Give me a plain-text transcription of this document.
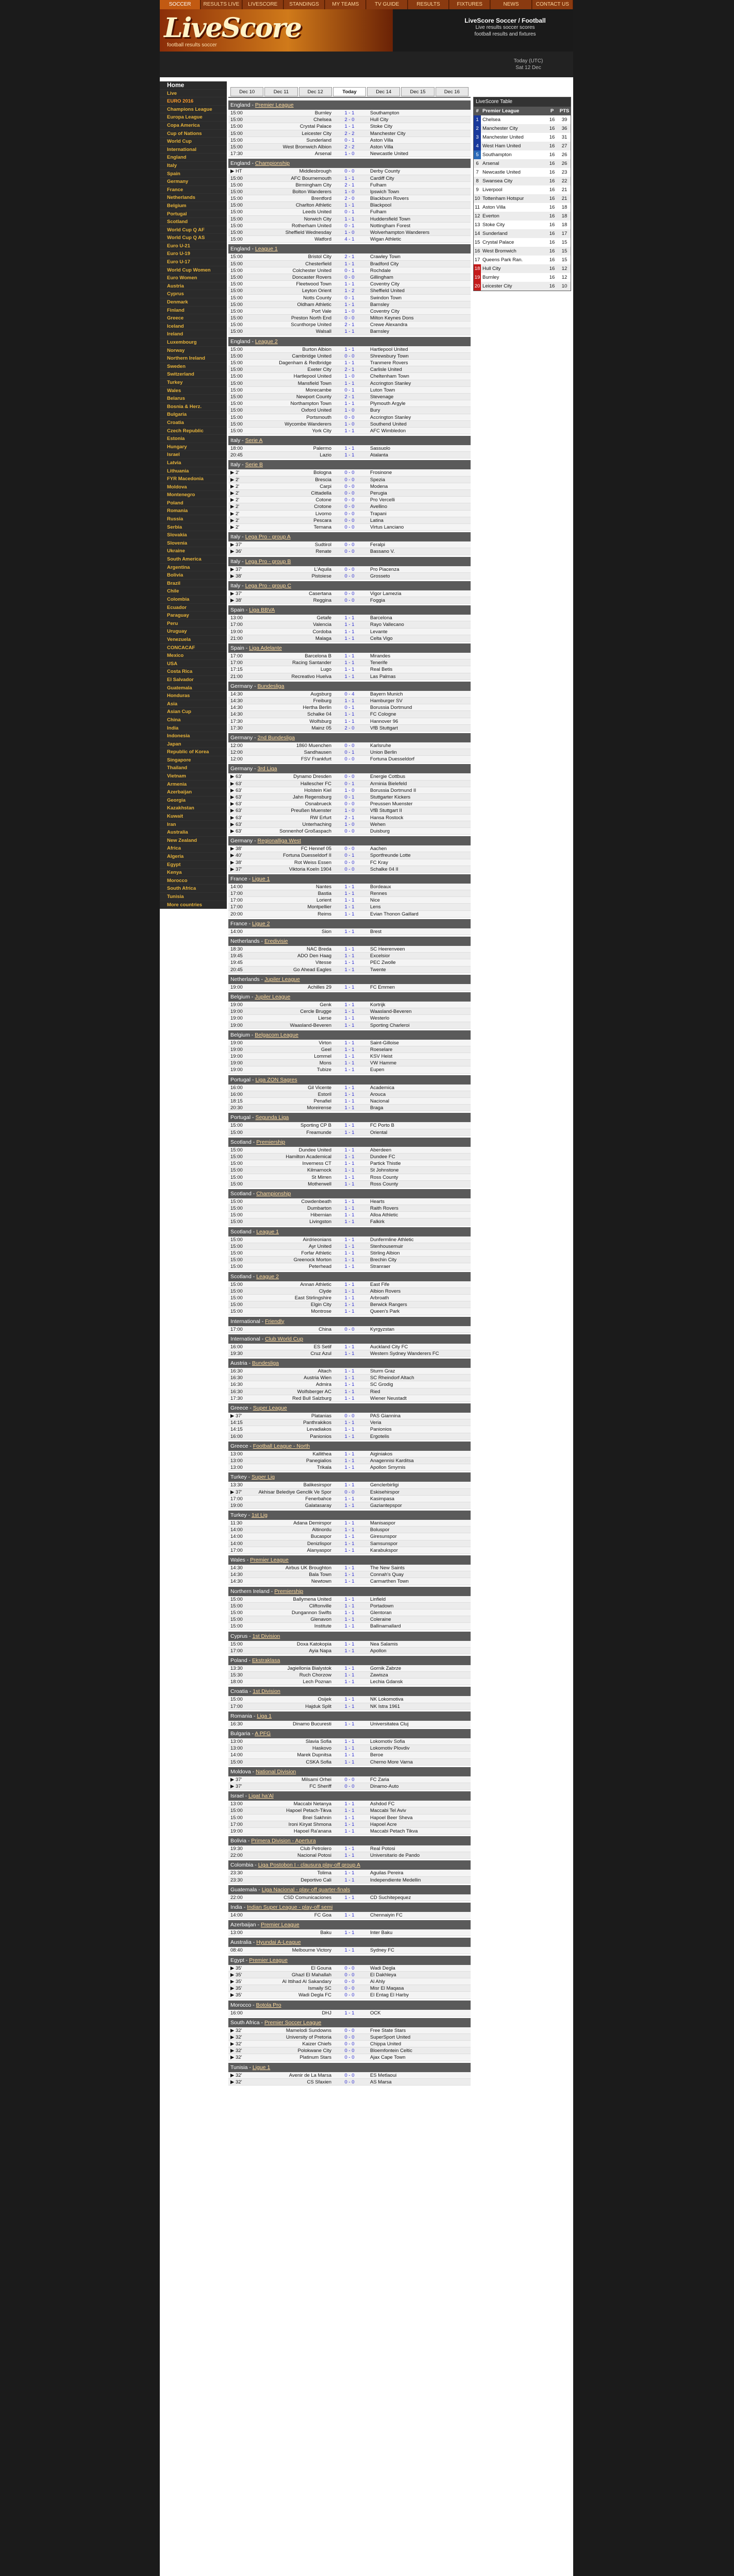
SOCCER	RESULTS LIVE	LIVESCORE	STANDINGS	MY TEAMS	TV GUIDE	RESULTS	FIXTURES	NEWS	CONTACT US
LiveScore
football results soccer
LiveScore Soccer / Football
Live results soccer scores
football results and fixtures
Today (UTC)
Sat 12 Dec
Home
Live
EURO 2016
Champions League
Europa League
Copa America
Cup of Nations
World Cup
International
England
Italy
Spain
Germany
France
Netherlands
Belgium
Portugal
Scotland
World Cup Q AF
World Cup Q AS
Euro U-21
Euro U-19
Euro U-17
World Cup Women
Euro Women
Austria
Cyprus
Denmark
Finland
Greece
Iceland
Ireland
Luxembourg
Norway
Northern Ireland
Sweden
Switzerland
Turkey
Wales
Belarus
Bosnia & Herz.
Bulgaria
Croatia
Czech Republic
Estonia
Hungary
Israel
Latvia
Lithuania
FYR Macedonia
Moldova
Montenegro
Poland
Romania
Russia
Serbia
Slovakia
Slovenia
Ukraine
South America
Argentina
Bolivia
Brazil
Chile
Colombia
Ecuador
Paraguay
Peru
Uruguay
Venezuela
CONCACAF
Mexico
USA
Costa Rica
El Salvador
Guatemala
Honduras
Asia
Asian Cup
China
India
Indonesia
Japan
Republic of Korea
Singapore
Thailand
Vietnam
Armenia
Azerbaijan
Georgia
Kazakhstan
Kuwait
Iran
Australia
New Zealand
Africa
Algeria
Egypt
Kenya
Morocco
South Africa
Tunisia
More countries
Dec 10	Dec 11	Dec 12	Today	Dec 14	Dec 15	Dec 16
England - Premier League
15:00	Burnley	1 - 1	Southampton
15:00	Chelsea	2 - 0	Hull City
15:00	Crystal Palace	1 - 1	Stoke City
15:00	Leicester City	2 - 2	Manchester City
15:00	Sunderland	0 - 1	Aston Villa
15:00	West Bromwich Albion	2 - 2	Aston Villa
17:30	Arsenal	1 - 0	Newcastle United
England - Championship
▶ HT	Middlesbrough	0 - 0	Derby County
15:00	AFC Bournemouth	1 - 1	Cardiff City
15:00	Birmingham City	2 - 1	Fulham
15:00	Bolton Wanderers	1 - 0	Ipswich Town
15:00	Brentford	2 - 0	Blackburn Rovers
15:00	Charlton Athletic	1 - 1	Blackpool
15:00	Leeds United	0 - 1	Fulham
15:00	Norwich City	1 - 1	Huddersfield Town
15:00	Rotherham United	0 - 1	Nottingham Forest
15:00	Sheffield Wednesday	1 - 0	Wolverhampton Wanderers
15:00	Watford	4 - 1	Wigan Athletic
England - League 1
15:00	Bristol City	2 - 1	Crawley Town
15:00	Chesterfield	1 - 1	Bradford City
15:00	Colchester United	0 - 1	Rochdale
15:00	Doncaster Rovers	0 - 0	Gillingham
15:00	Fleetwood Town	1 - 1	Coventry City
15:00	Leyton Orient	1 - 2	Sheffield United
15:00	Notts County	0 - 1	Swindon Town
15:00	Oldham Athletic	1 - 1	Barnsley
15:00	Port Vale	1 - 0	Coventry City
15:00	Preston North End	0 - 0	Milton Keynes Dons
15:00	Scunthorpe United	2 - 1	Crewe Alexandra
15:00	Walsall	1 - 1	Barnsley
England - League 2
15:00	Burton Albion	1 - 1	Hartlepool United
15:00	Cambridge United	0 - 0	Shrewsbury Town
15:00	Dagenham & Redbridge	1 - 1	Tranmere Rovers
15:00	Exeter City	2 - 1	Carlisle United
15:00	Hartlepool United	1 - 0	Cheltenham Town
15:00	Mansfield Town	1 - 1	Accrington Stanley
15:00	Morecambe	0 - 1	Luton Town
15:00	Newport County	2 - 1	Stevenage
15:00	Northampton Town	1 - 1	Plymouth Argyle
15:00	Oxford United	1 - 0	Bury
15:00	Portsmouth	0 - 0	Accrington Stanley
15:00	Wycombe Wanderers	1 - 0	Southend United
15:00	York City	1 - 1	AFC Wimbledon
Italy - Serie A
18:00	Palermo	1 - 1	Sassuolo
20:45	Lazio	1 - 1	Atalanta
Italy - Serie B
▶ 2'	Bologna	0 - 0	Frosinone
▶ 2'	Brescia	0 - 0	Spezia
▶ 2'	Carpi	0 - 0	Modena
▶ 2'	Cittadella	0 - 0	Perugia
▶ 2'	Cotone	0 - 0	Pro Vercelli
▶ 2'	Crotone	0 - 0	Avellino
▶ 2'	Livorno	0 - 0	Trapani
▶ 2'	Pescara	0 - 0	Latina
▶ 2'	Ternana	0 - 0	Virtus Lanciano
Italy - Lega Pro - group A
▶ 37'	Sudtirol	0 - 0	Feralpi
▶ 36'	Renate	0 - 0	Bassano V.
Italy - Lega Pro - group B
▶ 37'	L'Aquila	0 - 0	Pro Piacenza
▶ 38'	Pistoiese	0 - 0	Grosseto
Italy - Lega Pro - group C
▶ 37'	Casertana	0 - 0	Vigor Lamezia
▶ 38'	Reggina	0 - 0	Foggia
Spain - Liga BBVA
13:00	Getafe	1 - 1	Barcelona
17:00	Valencia	1 - 1	Rayo Vallecano
19:00	Cordoba	1 - 1	Levante
21:00	Malaga	1 - 1	Celta Vigo
Spain - Liga Adelante
17:00	Barcelona B	1 - 1	Mirandes
17:00	Racing Santander	1 - 1	Tenerife
17:15	Lugo	1 - 1	Real Betis
21:00	Recreativo Huelva	1 - 1	Las Palmas
Germany - Bundesliga
14:30	Augsburg	0 - 4	Bayern Munich
14:30	Freiburg	1 - 1	Hamburger SV
14:30	Hertha Berlin	0 - 1	Borussia Dortmund
14:30	Schalke 04	1 - 1	FC Cologne
17:30	Wolfsburg	1 - 1	Hannover 96
17:30	Mainz 05	2 - 0	VfB Stuttgart
Germany - 2nd Bundesliga
12:00	1860 Muenchen	0 - 0	Karlsruhe
12:00	Sandhausen	0 - 1	Union Berlin
12:00	FSV Frankfurt	0 - 0	Fortuna Duesseldorf
Germany - 3rd Liga
▶ 63'	Dynamo Dresden	0 - 0	Energie Cottbus
▶ 63'	Hallescher FC	0 - 1	Arminia Bielefeld
▶ 63'	Holstein Kiel	1 - 0	Borussia Dortmund II
▶ 63'	Jahn Regensburg	0 - 1	Stuttgarter Kickers
▶ 63'	Osnabrueck	0 - 0	Preussen Muenster
▶ 63'	Preußen Muenster	1 - 0	VfB Stuttgart II
▶ 63'	RW Erfurt	2 - 1	Hansa Rostock
▶ 63'	Unterhaching	1 - 0	Wehen
▶ 63'	Sonnenhof Großaspach	0 - 0	Duisburg
Germany - Regionalliga West
▶ 38'	FC Hennef 05	0 - 0	Aachen
▶ 40'	Fortuna Duesseldorf II	0 - 1	Sportfreunde Lotte
▶ 38'	Rot Weiss Essen	0 - 0	FC Kray
▶ 37'	Viktoria Koeln 1904	0 - 0	Schalke 04 II
France - Ligue 1
14:00	Nantes	1 - 1	Bordeaux
17:00	Bastia	1 - 1	Rennes
17:00	Lorient	1 - 1	Nice
17:00	Montpellier	1 - 1	Lens
20:00	Reims	1 - 1	Evian Thonon Gaillard
France - Ligue 2
14:00	Sion	1 - 1	Brest
Netherlands - Eredivisie
18:30	NAC Breda	1 - 1	SC Heerenveen
19:45	ADO Den Haag	1 - 1	Excelsior
19:45	Vitesse	1 - 1	PEC Zwolle
20:45	Go Ahead Eagles	1 - 1	Twente
Netherlands - Jupiler League
19:00	Achilles 29	1 - 1	FC Emmen
Belgium - Jupiler League
19:00	Genk	1 - 1	Kortrijk
19:00	Cercle Brugge	1 - 1	Waasland-Beveren
19:00	Lierse	1 - 1	Westerlo
19:00	Waasland-Beveren	1 - 1	Sporting Charleroi
Belgium - Belgacom League
19:00	Virton	1 - 1	Saint-Gilloise
19:00	Geel	1 - 1	Roeselare
19:00	Lommel	1 - 1	KSV Heist
19:00	Mons	1 - 1	VW Hamme
19:00	Tubize	1 - 1	Eupen
Portugal - Liga ZON Sagres
16:00	Gil Vicente	1 - 1	Academica
16:00	Estoril	1 - 1	Arouca
18:15	Penafiel	1 - 1	Nacional
20:30	Moreirense	1 - 1	Braga
Portugal - Segunda Liga
15:00	Sporting CP B	1 - 1	FC Porto B
15:00	Freamunde	1 - 1	Oriental
Scotland - Premiership
15:00	Dundee United	1 - 1	Aberdeen
15:00	Hamilton Academical	1 - 1	Dundee FC
15:00	Inverness CT	1 - 1	Partick Thistle
15:00	Kilmarnock	1 - 1	St Johnstone
15:00	St Mirren	1 - 1	Ross County
15:00	Motherwell	1 - 1	Ross County
Scotland - Championship
15:00	Cowdenbeath	1 - 1	Hearts
15:00	Dumbarton	1 - 1	Raith Rovers
15:00	Hibernian	1 - 1	Alloa Athletic
15:00	Livingston	1 - 1	Falkirk
Scotland - League 1
15:00	Airdrieonians	1 - 1	Dunfermline Athletic
15:00	Ayr United	1 - 1	Stenhousemuir
15:00	Forfar Athletic	1 - 1	Stirling Albion
15:00	Greenock Morton	1 - 1	Brechin City
15:00	Peterhead	1 - 1	Stranraer
Scotland - League 2
15:00	Annan Athletic	1 - 1	East Fife
15:00	Clyde	1 - 1	Albion Rovers
15:00	East Stirlingshire	1 - 1	Arbroath
15:00	Elgin City	1 - 1	Berwick Rangers
15:00	Montrose	1 - 1	Queen's Park
International - Friendly
17:00	China	0 - 0	Kyrgyzstan
International - Club World Cup
16:00	ES Setif	1 - 1	Auckland City FC
19:30	Cruz Azul	1 - 1	Western Sydney Wanderers FC
Austria - Bundesliga
16:30	Altach	1 - 1	Sturm Graz
16:30	Austria Wien	1 - 1	SC Rheindorf Altach
16:30	Admira	1 - 1	SC Grodig
16:30	Wolfsberger AC	1 - 1	Ried
17:30	Red Bull Salzburg	1 - 1	Wiener Neustadt
Greece - Super League
▶ 37'	Platanias	0 - 0	PAS Giannina
14:15	Panthrakikos	1 - 1	Veria
14:15	Levadiakos	1 - 1	Panionios
16:00	Panionios	1 - 1	Ergotelis
Greece - Football League - North
13:00	Kallithea	1 - 1	Aiginiakos
13:00	Panegialios	1 - 1	Anagennisi Karditsa
13:00	Trikala	1 - 1	Apollon Smyrnis
Turkey - Super Lig
13:30	Balikesirspor	1 - 1	Genclerbirligi
▶ 37'	Akhisar Belediye Genclik Ve Spor	0 - 0	Eskisehirspor
17:00	Fenerbahce	1 - 1	Kasimpasa
19:00	Galatasaray	1 - 1	Gaziantepspor
Turkey - 1st Lig
11:30	Adana Demirspor	1 - 1	Manisaspor
14:00	Altinordu	1 - 1	Boluspor
14:00	Bucaspor	1 - 1	Giresunspor
14:00	Denizlispor	1 - 1	Samsunspor
17:00	Alanyaspor	1 - 1	Karabukspor
Wales - Premier League
14:30	Airbus UK Broughton	1 - 1	The New Saints
14:30	Bala Town	1 - 1	Connah's Quay
14:30	Newtown	1 - 1	Carmarthen Town
Northern Ireland - Premiership
15:00	Ballymena United	1 - 1	Linfield
15:00	Cliftonville	1 - 1	Portadown
15:00	Dungannon Swifts	1 - 1	Glentoran
15:00	Glenavon	1 - 1	Coleraine
15:00	Institute	1 - 1	Ballinamallard
Cyprus - 1st Division
15:00	Doxa Katokopia	1 - 1	Nea Salamis
17:00	Ayia Napa	1 - 1	Apollon
Poland - Ekstraklasa
13:30	Jagiellonia Bialystok	1 - 1	Gornik Zabrze
15:30	Ruch Chorzow	1 - 1	Zawisza
18:00	Lech Poznan	1 - 1	Lechia Gdansk
Croatia - 1st Division
15:00	Osijek	1 - 1	NK Lokomotiva
17:00	Hajduk Split	1 - 1	NK Istra 1961
Romania - Liga 1
16:30	Dinamo Bucuresti	1 - 1	Universitatea Cluj
Bulgaria - A PFG
13:00	Slavia Sofia	1 - 1	Lokomotiv Sofia
13:00	Haskovo	1 - 1	Lokomotiv Plovdiv
14:00	Marek Dupnitsa	1 - 1	Beroe
15:00	CSKA Sofia	1 - 1	Cherno More Varna
Moldova - National Division
▶ 37'	Milsami Orhei	0 - 0	FC Zaria
▶ 37'	FC Sheriff	0 - 0	Dinamo-Auto
Israel - Ligat ha'Al
13:00	Maccabi Netanya	1 - 1	Ashdod FC
15:00	Hapoel Petach-Tikva	1 - 1	Maccabi Tel Aviv
15:00	Bnei Sakhnin	1 - 1	Hapoel Beer Sheva
17:00	Ironi Kiryat Shmona	1 - 1	Hapoel Acre
19:00	Hapoel Ra'anana	1 - 1	Maccabi Petach Tikva
Bolivia - Primera Division - Apertura
19:30	Club Petrolero	1 - 1	Real Potosi
22:00	Nacional Potosi	1 - 1	Universitario de Pando
Colombia - Liga Postobon I - clausura play-off group A
23:30	Tolima	1 - 1	Aguilas Pereira
23:30	Deportivo Cali	1 - 1	Independiente Medellin
Guatemala - Liga Nacional - play-off quarter-finals
22:00	CSD Comunicaciones	1 - 1	CD Suchitepequez
India - Indian Super League - play-off semi
14:00	FC Goa	1 - 1	Chennaiyin FC
Azerbaijan - Premier League
13:00	Baku	1 - 1	Inter Baku
Australia - Hyundai A-League
08:40	Melbourne Victory	1 - 1	Sydney FC
Egypt - Premier League
▶ 35'	El Gouna	0 - 0	Wadi Degla
▶ 35'	Ghazl El Mahallah	0 - 0	El Dakhleya
▶ 35'	Al Ittihad Al Sakandary	0 - 0	Al Ahly
▶ 35'	Ismaily SC	0 - 0	Misr El Maqasa
▶ 35'	Wadi Degla FC	0 - 0	El Entag El Harby
Morocco - Botola Pro
16:00	DHJ	1 - 1	OCK
South Africa - Premier Soccer League
▶ 32'	Mamelodi Sundowns	0 - 0	Free State Stars
▶ 32'	University of Pretoria	0 - 0	SuperSport United
▶ 32'	Kaizer Chiefs	0 - 0	Chippa United
▶ 32'	Polokwane City	0 - 0	Bloemfontein Celtic
▶ 32'	Platinum Stars	0 - 0	Ajax Cape Town
Tunisia - Ligue 1
▶ 32'	Avenir de La Marsa	0 - 0	ES Metlaoui
▶ 32'	CS Sfaxien	0 - 0	AS Marsa
LiveScore Table
# Premier League	P	PTS
1 Chelsea	16	39
2 Manchester City	16	36
3 Manchester United	16	31
4 West Ham United	16	27
5 Southampton	16	26
6 Arsenal	16	26
7 Newcastle United	16	23
8 Swansea City	16	22
9 Liverpool	16	21
10 Tottenham Hotspur	16	21
11 Aston Villa	16	18
12 Everton	16	18
13 Stoke City	16	18
14 Sunderland	16	17
15 Crystal Palace	16	15
16 West Bromwich	16	15
17 Queens Park Ran.	16	15
18 Hull City	16	12
19 Burnley	16	12
20 Leicester City	16	10
